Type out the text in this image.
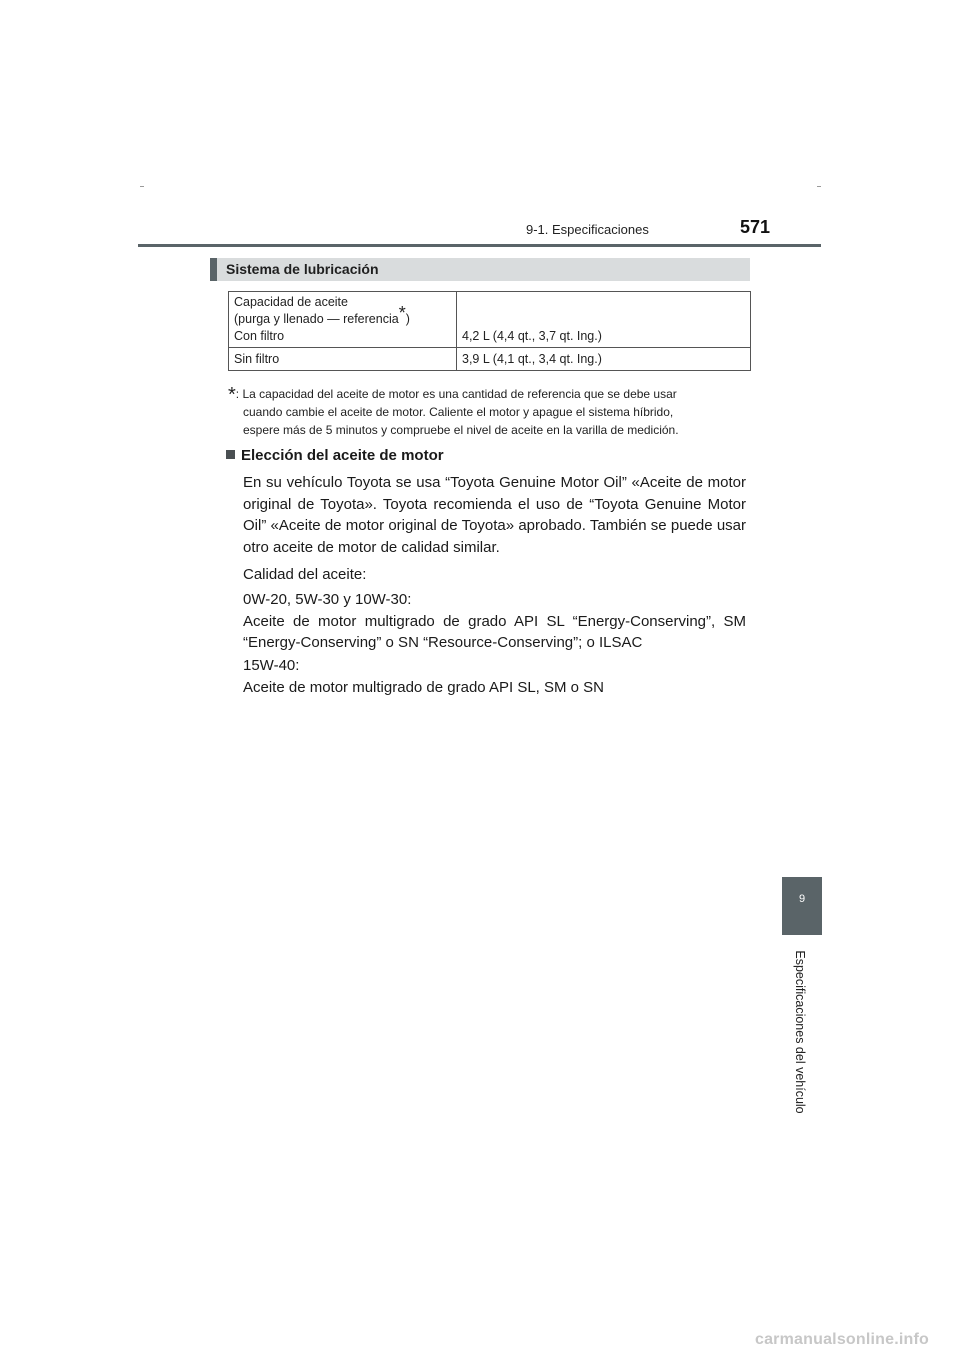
9-1. Especificaciones	571
Sistema de lubricación
Capacidad de aceite
(purga y llenado — referencia*)
Con filtro	4,2 L (4,4 qt., 3,7 qt. Ing.)
Sin filtro	3,9 L (4,1 qt., 3,4 qt. Ing.)
*: La capacidad del aceite de motor es una cantidad de referencia que se debe usar
cuando cambie el aceite de motor. Caliente el motor y apague el sistema híbrido,
espere más de 5 minutos y compruebe el nivel de aceite en la varilla de medición.
Elección del aceite de motor
En su vehículo Toyota se usa “Toyota Genuine Motor Oil” «Aceite de motor original de Toyota». Toyota recomienda el uso de “Toyota Genuine Motor Oil” «Aceite de motor original de Toyota» aprobado. También se puede usar otro aceite de motor de calidad similar.
Calidad del aceite:
0W-20, 5W-30 y 10W-30:
Aceite de motor multigrado de grado API SL “Energy-Conserving”, SM “Energy-Conserving” o SN “Resource-Conserving”; o ILSAC
15W-40:
Aceite de motor multigrado de grado API SL, SM o SN
9
Especificaciones del vehículo
carmanualsonline.info
